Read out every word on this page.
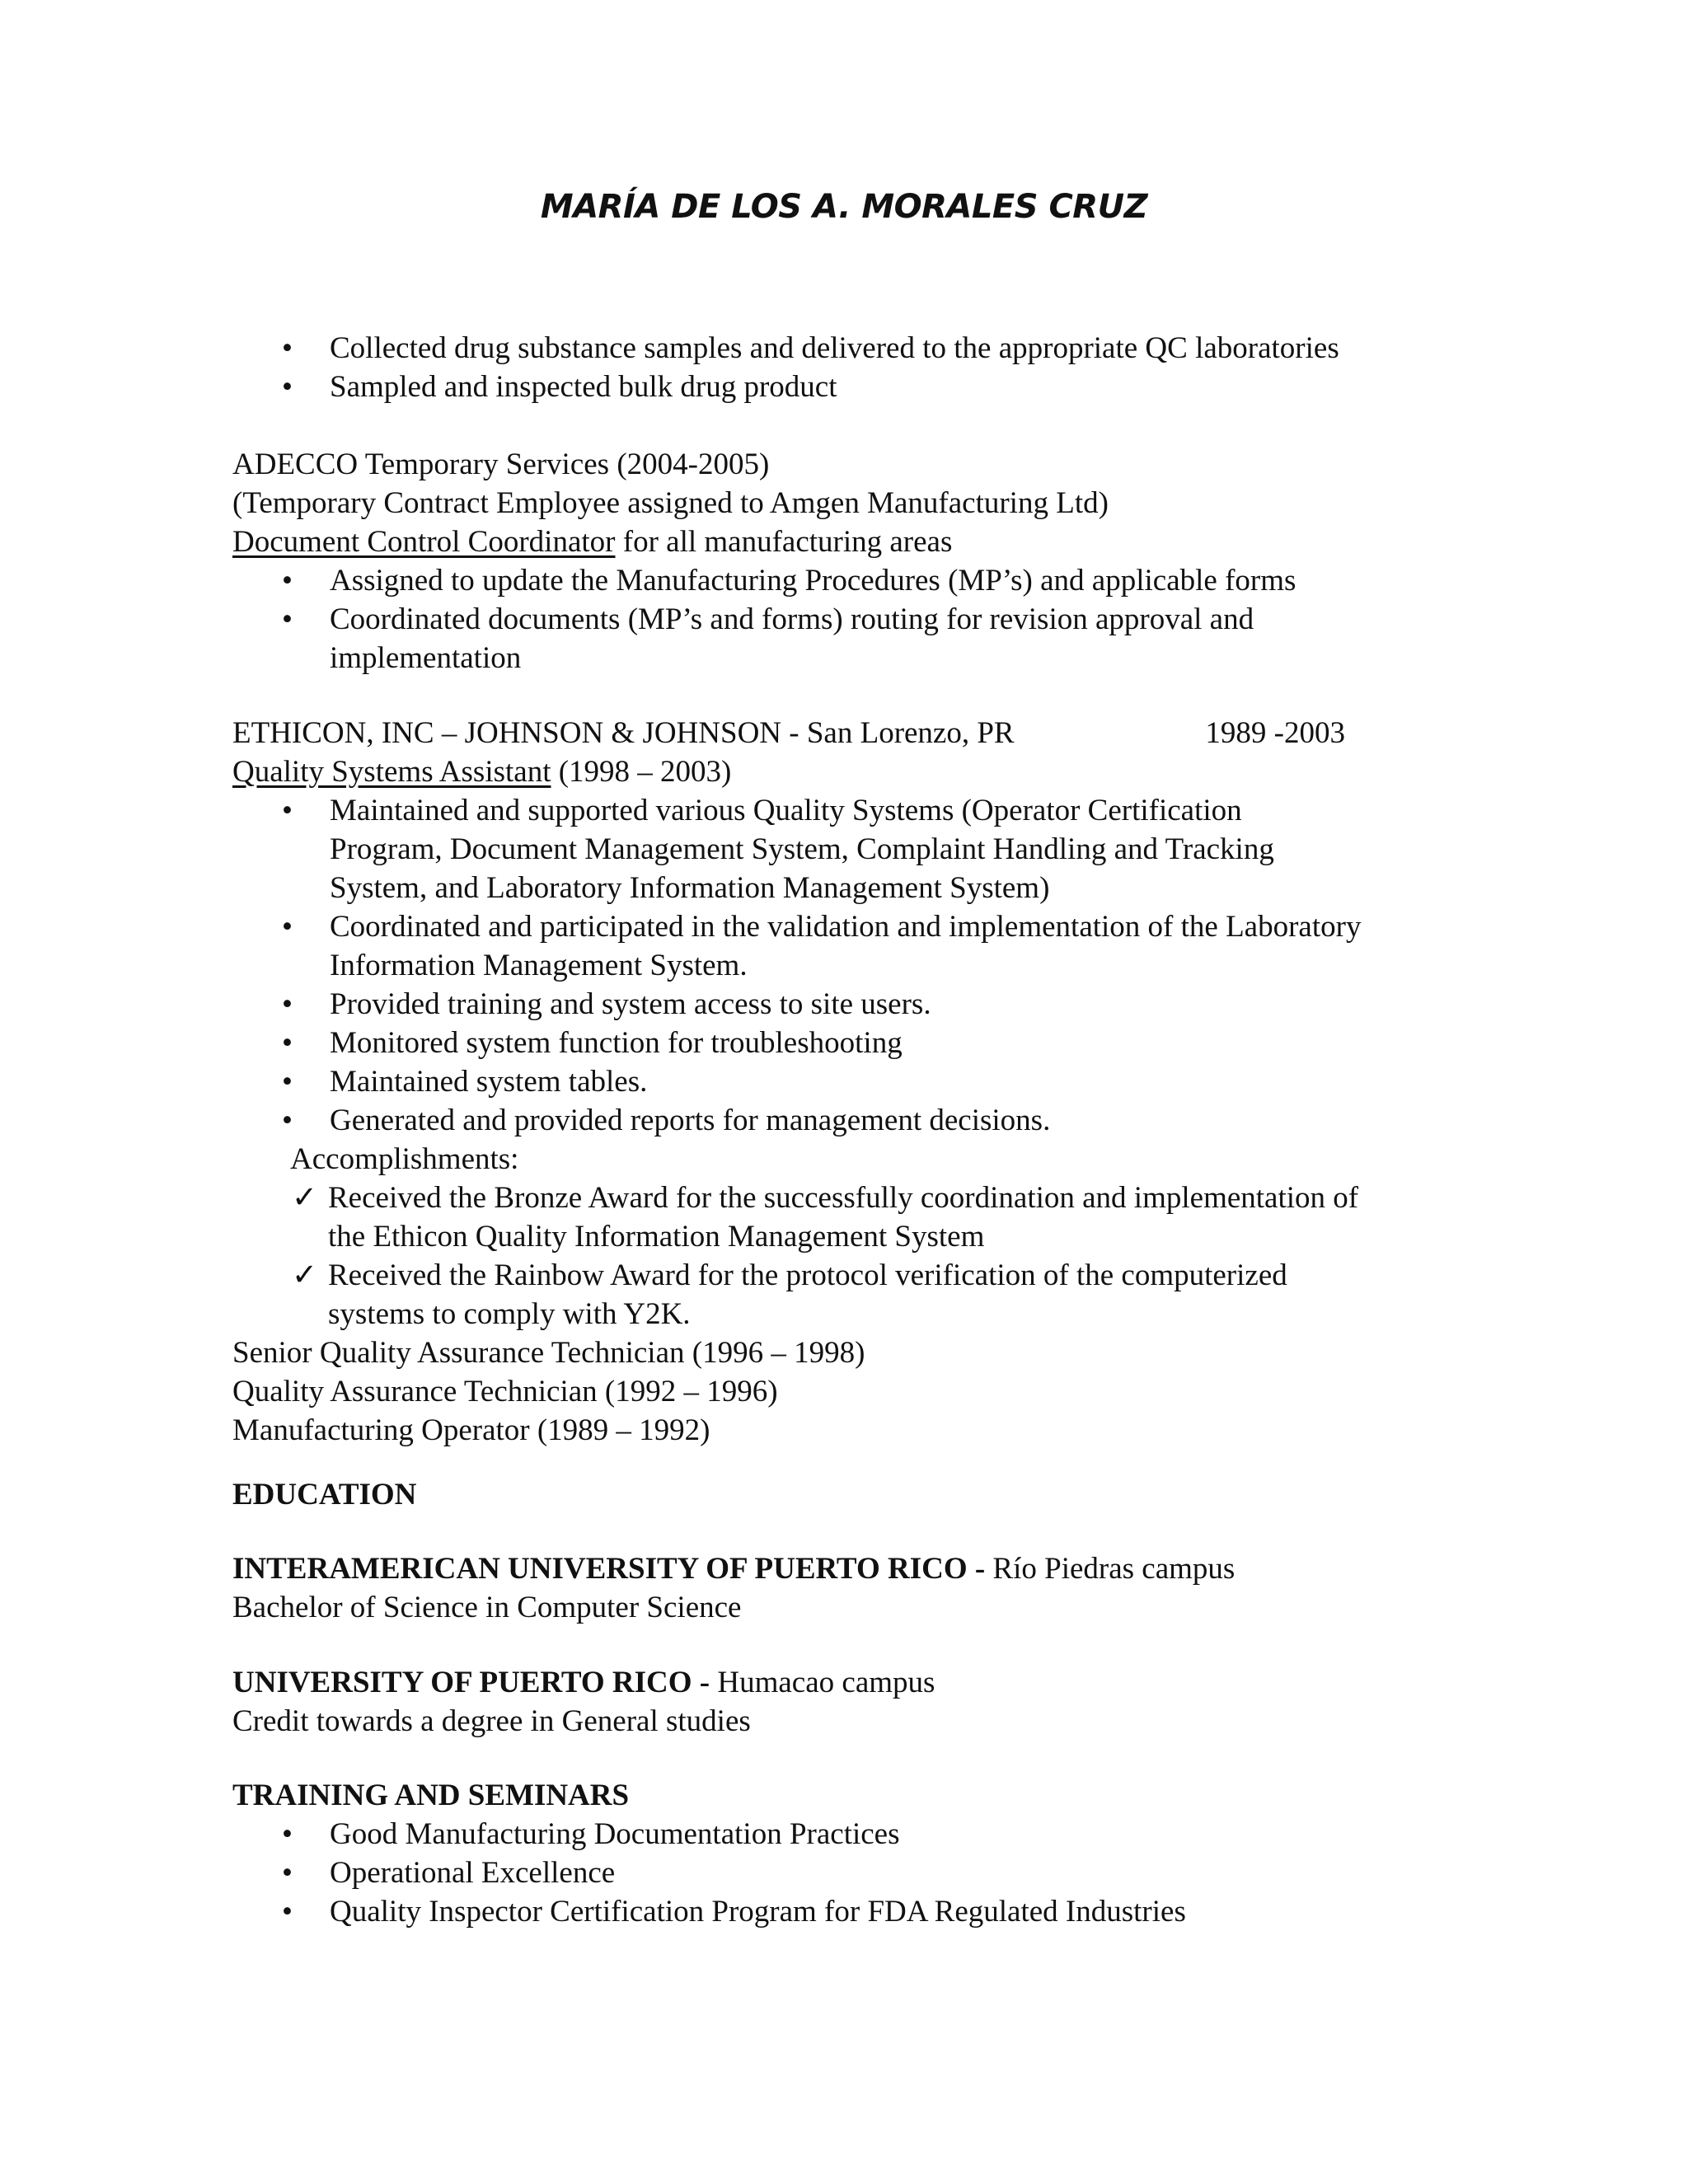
MARÍA DE LOS A. MORALES CRUZ
• Collected drug substance samples and delivered to the appropriate QC laboratories
• Sampled and inspected bulk drug product
ADECCO Temporary Services (2004-2005)
(Temporary Contract Employee assigned to Amgen Manufacturing Ltd)
Document Control Coordinator for all manufacturing areas
• Assigned to update the Manufacturing Procedures (MP’s) and applicable forms
• Coordinated documents (MP’s and forms) routing for revision approval and implementation
ETHICON, INC – JOHNSON & JOHNSON - San Lorenzo, PR	1989 -2003
Quality Systems Assistant (1998 – 2003)
• Maintained and supported various Quality Systems (Operator Certification Program, Document Management System, Complaint Handling and Tracking System, and Laboratory Information Management System)
• Coordinated and participated in the validation and implementation of the Laboratory Information Management System.
• Provided training and system access to site users.
• Monitored system function for troubleshooting
• Maintained system tables.
• Generated and provided reports for management decisions.
Accomplishments:
✓ Received the Bronze Award for the successfully coordination and implementation of the Ethicon Quality Information Management System
✓ Received the Rainbow Award for the protocol verification of the computerized systems to comply with Y2K.
Senior Quality Assurance Technician (1996 – 1998)
Quality Assurance Technician (1992 – 1996)
Manufacturing Operator (1989 – 1992)
EDUCATION
INTERAMERICAN UNIVERSITY OF PUERTO RICO - Río Piedras campus
Bachelor of Science in Computer Science
UNIVERSITY OF PUERTO RICO - Humacao campus
Credit towards a degree in General studies
TRAINING AND SEMINARS
• Good Manufacturing Documentation Practices
• Operational Excellence
• Quality Inspector Certification Program for FDA Regulated Industries
